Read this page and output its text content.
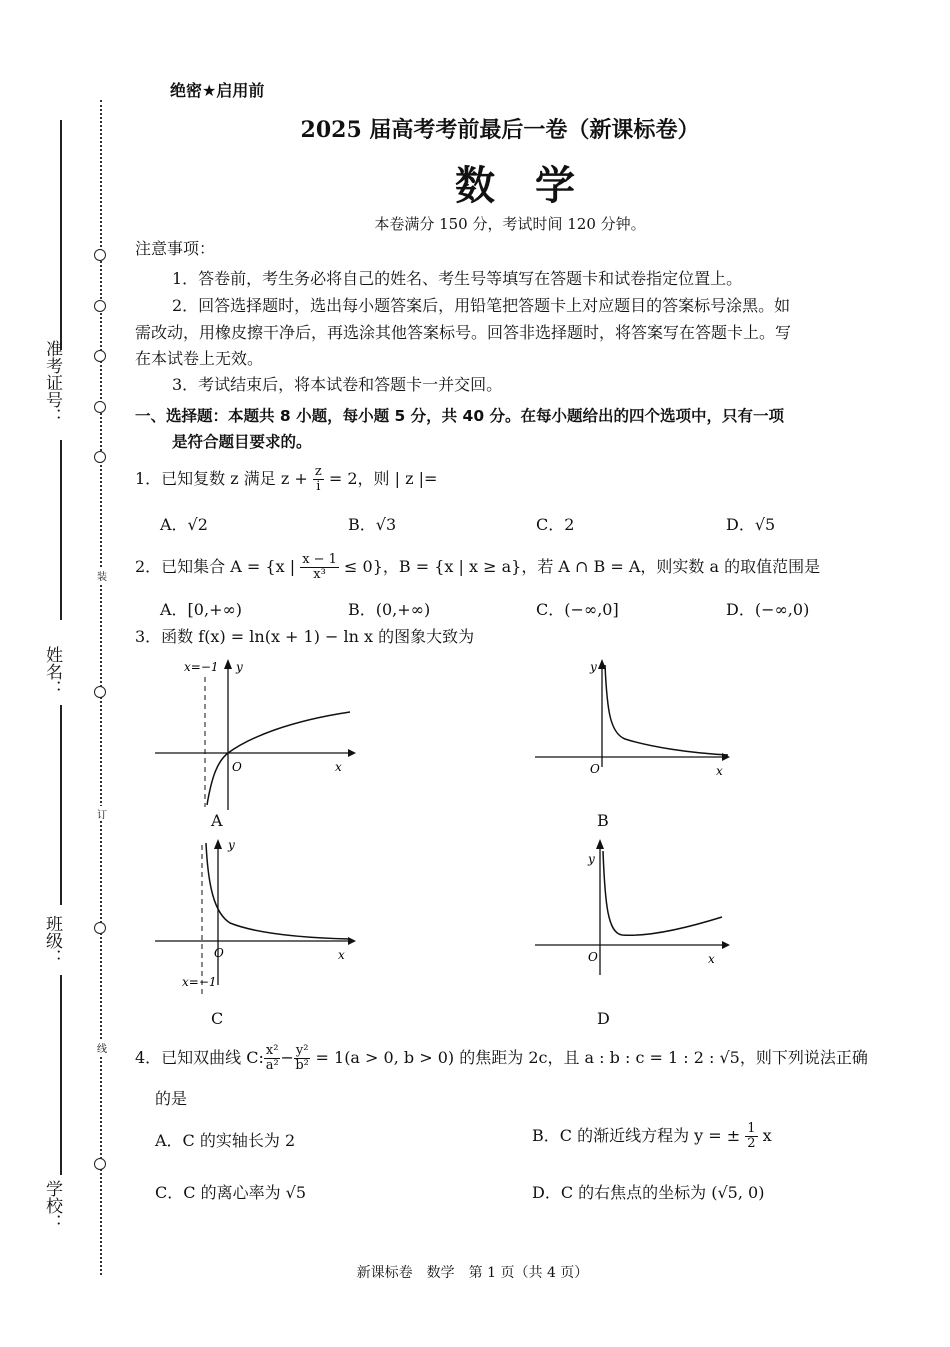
准考证号：
姓名：
班级：
学校：
装
订
线
绝密★启用前
2025 届高考考前最后一卷（新课标卷）
数　学
本卷满分 150 分，考试时间 120 分钟。
注意事项：
1．答卷前，考生务必将自己的姓名、考生号等填写在答题卡和试卷指定位置上。
2．回答选择题时，选出每小题答案后，用铅笔把答题卡上对应题目的答案标号涂黑。如
需改动，用橡皮擦干净后，再选涂其他答案标号。回答非选择题时，将答案写在答题卡上。写
在本试卷上无效。
3．考试结束后，将本试卷和答题卡一并交回。
一、选择题：本题共 8 小题，每小题 5 分，共 40 分。在每小题给出的四个选项中，只有一项
是符合题目要求的。
1．已知复数 z 满足 $z + \frac{z}{i} = 2$，则 | z |=
A．√2	B．√3	C．2	D．√5
2．已知集合 A = {x | $\frac{x - 1}{\text{x³}} \le 0$}，B = {x | x ≥ a}，若 A ∩ B = A，则实数 a 的取值范围是
A．[0,+∞)	B．(0,+∞)	C．(−∞,0]	D．(−∞,0)
3．函数 f(x) = ln(x + 1) − ln x 的图象大致为
x=−1 y
O	x
A
y
O	x
B
y
O	x
x=−1
C
y
O	x
D
4．已知双曲线 C: $\frac{\text{x²}}{\text{a²}} - \frac{\text{y²}}{\text{b²}} = 1(a > 0$, b > 0) 的焦距为 2c，且 a : b : c = 1 : 2 : √5，则下列说法正确
的是
A．C 的实轴长为 2	B．C 的渐近线方程为 y = ± $\frac{1}{2}$ x
C．C 的离心率为 √5	D．C 的右焦点的坐标为 (√5, 0)
新课标卷　数学　第 1 页（共 4 页）
